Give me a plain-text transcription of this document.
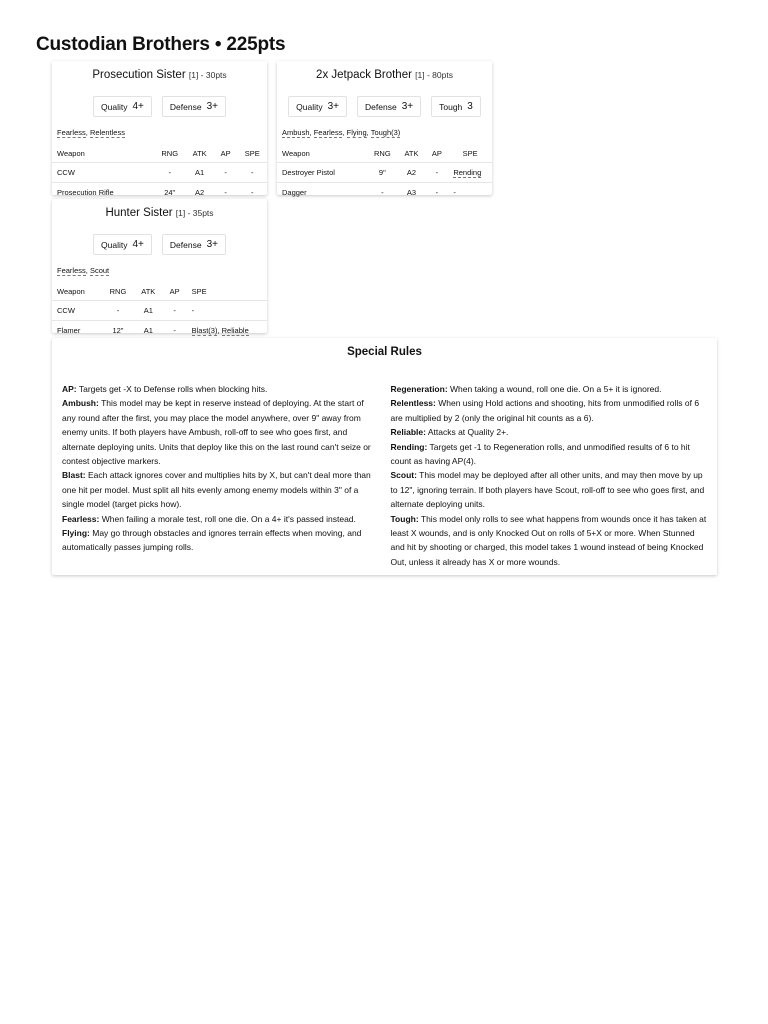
Custodian Brothers • 225pts
Prosecution Sister [1] - 30pts
Quality 4+	Defense 3+
Fearless, Relentless
Weapon	RNG	ATK	AP	SPE
CCW	-	A1	-	-
Prosecution Rifle	24"	A2	-	-
2x Jetpack Brother [1] - 80pts
Quality 3+	Defense 3+	Tough 3
Ambush, Fearless, Flying, Tough(3)
Weapon	RNG	ATK	AP	SPE
Destroyer Pistol	9"	A2	-	Rending
Dagger	-	A3	-	-
Hunter Sister [1] - 35pts
Quality 4+	Defense 3+
Fearless, Scout
Weapon	RNG	ATK	AP	SPE
CCW	-	A1	-	-
Flamer	12"	A1	-	Blast(3), Reliable
Special Rules

AP: Targets get -X to Defense rolls when blocking hits.

Ambush: This model may be kept in reserve instead of deploying. At the start of any round after the first, you may place the model anywhere, over 9" away from enemy units. If both players have Ambush, roll-off to see who goes first, and alternate deploying units. Units that deploy like this on the last round can't seize or contest objective markers.

Blast: Each attack ignores cover and multiplies hits by X, but can't deal more than one hit per model. Must split all hits evenly among enemy models within 3" of a single model (target picks how).

Fearless: When failing a morale test, roll one die. On a 4+ it's passed instead.

Flying: May go through obstacles and ignores terrain effects when moving, and automatically passes jumping rolls.

Regeneration: When taking a wound, roll one die. On a 5+ it is ignored.

Relentless: When using Hold actions and shooting, hits from unmodified rolls of 6 are multiplied by 2 (only the original hit counts as a 6).

Reliable: Attacks at Quality 2+.

Rending: Targets get -1 to Regeneration rolls, and unmodified results of 6 to hit count as having AP(4).

Scout: This model may be deployed after all other units, and may then move by up to 12", ignoring terrain. If both players have Scout, roll-off to see who goes first, and alternate deploying units.

Tough: This model only rolls to see what happens from wounds once it has taken at least X wounds, and is only Knocked Out on rolls of 5+X or more. When Stunned and hit by shooting or charged, this model takes 1 wound instead of being Knocked Out, unless it already has X or more wounds.
